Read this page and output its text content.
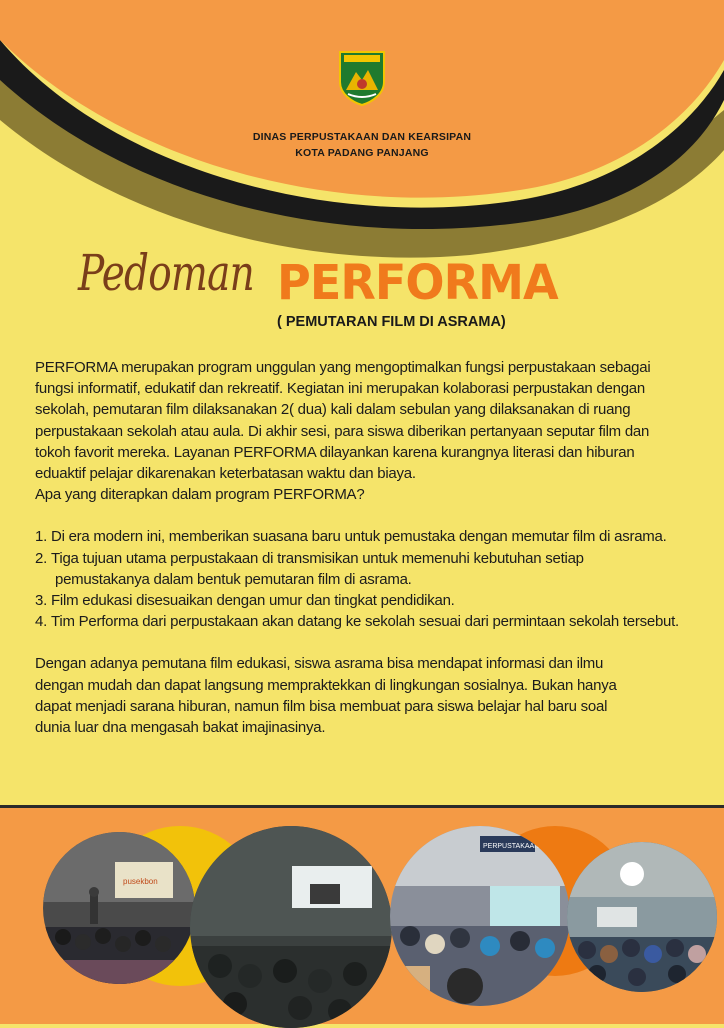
DINAS PERPUSTAKAAN DAN KEARSIPAN
KOTA PADANG PANJANG
Pedoman PERFORMA
( PEMUTARAN FILM DI ASRAMA)

PERFORMA merupakan program unggulan yang mengoptimalkan fungsi perpustakaan sebagai

fungsi informatif, edukatif dan rekreatif. Kegiatan ini merupakan kolaborasi perpustakan dengan

sekolah, pemutaran film dilaksanakan 2( dua) kali dalam sebulan yang dilaksanakan di ruang

perpustakaan sekolah atau aula. Di akhir sesi, para siswa diberikan pertanyaan seputar film dan

tokoh favorit mereka. Layanan PERFORMA dilayankan karena kurangnya literasi dan hiburan

eduaktif pelajar dikarenakan keterbatasan waktu dan biaya.

Apa yang diterapkan dalam program PERFORMA?

1. Di era modern ini, memberikan suasana baru untuk pemustaka dengan memutar film di asrama.
2. Tiga tujuan utama perpustakaan di transmisikan untuk memenuhi kebutuhan setiap

pemustakanya dalam bentuk pemutaran film di asrama.

3. Film edukasi disesuaikan dengan umur dan tingkat pendidikan.
4. Tim Performa dari perpustakaan akan datang ke sekolah sesuai dari permintaan sekolah tersebut.

Dengan adanya pemutana film edukasi, siswa asrama bisa mendapat informasi dan ilmu

dengan mudah dan dapat langsung mempraktekkan di lingkungan sosialnya. Bukan hanya

dapat menjadi sarana hiburan, namun film bisa membuat para siswa belajar hal baru soal

dunia luar dna mengasah bakat imajinasinya.

pusekbon
PERPUSTAKAAN
